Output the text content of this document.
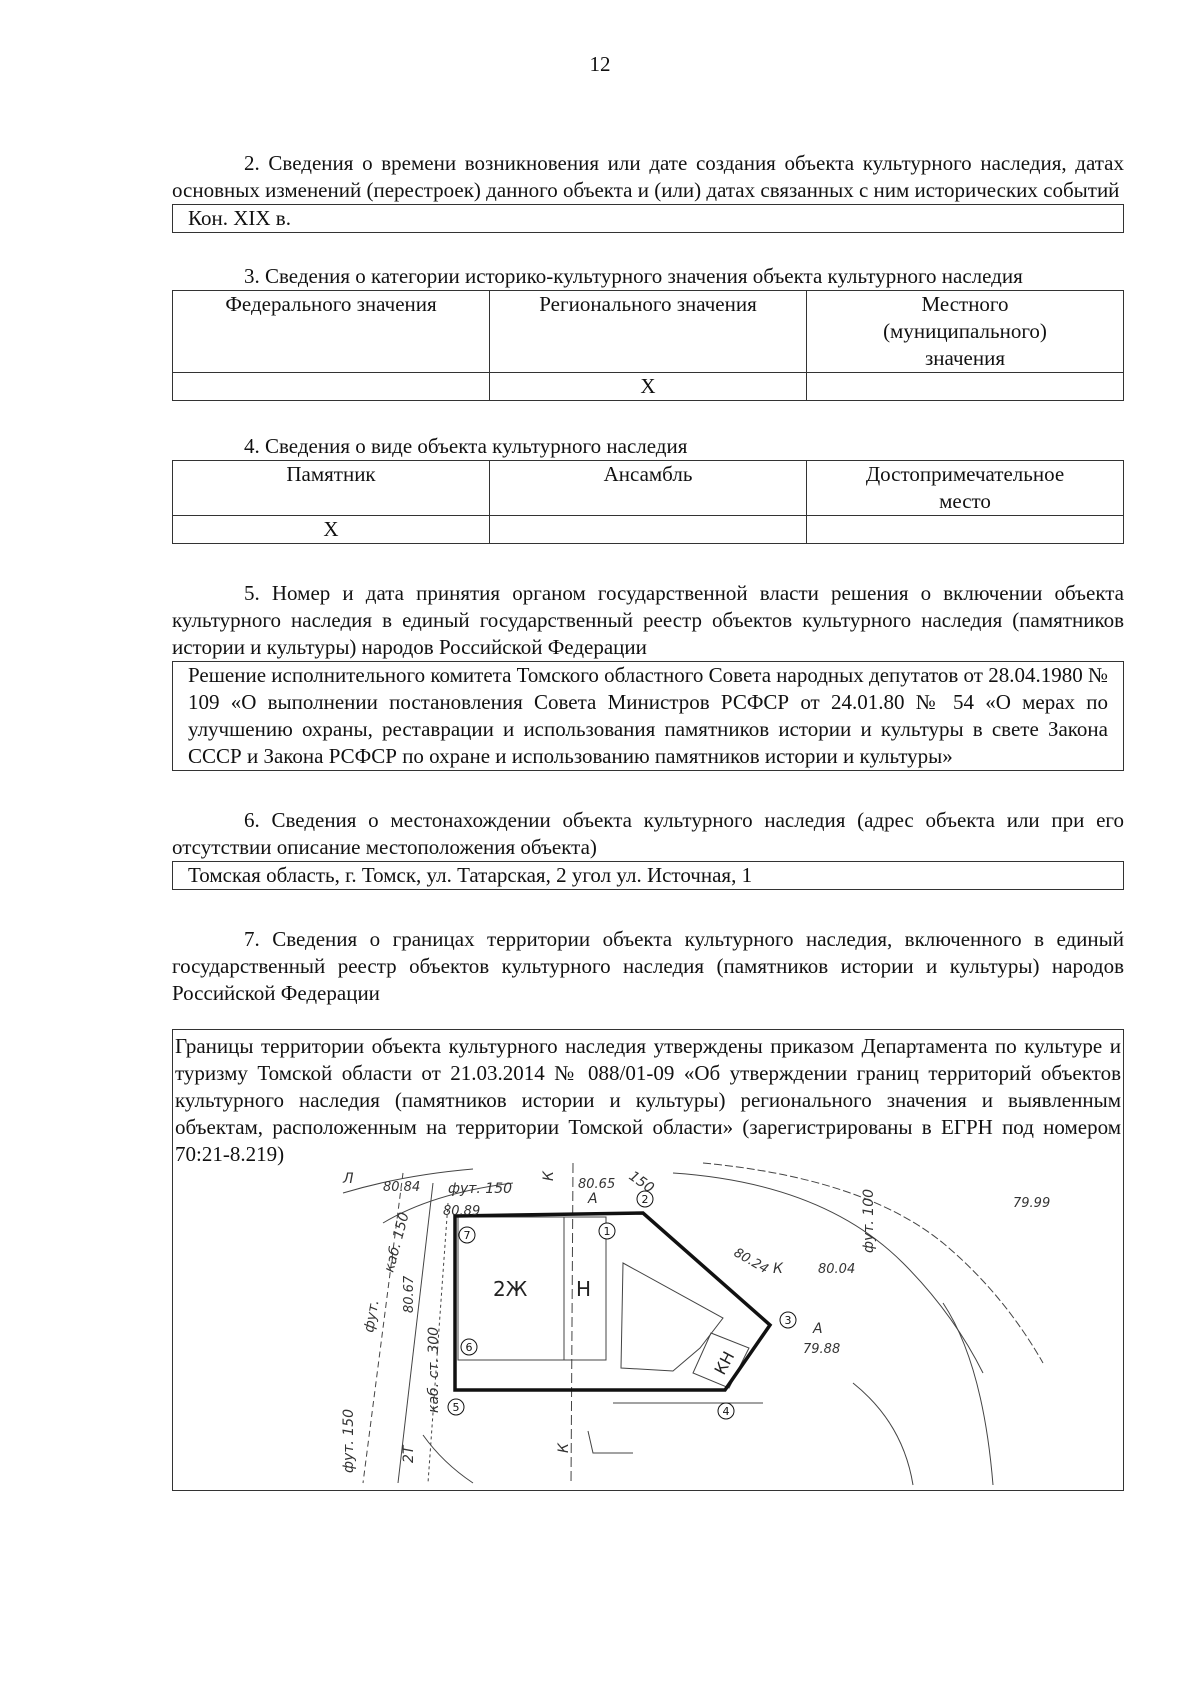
12

2. Сведения о времени возникновения или дате создания объекта культурного наследия, датах основных изменений (перестроек) данного объекта и (или) датах связанных с ним исторических событий

Кон. XIX в.

3. Сведения о категории историко-культурного значения объекта культурного наследия

Федерального значения	Регионального значения	Местного (муниципального) значения
	X	

4. Сведения о виде объекта культурного наследия

Памятник	Ансамбль	Достопримечательное место
X		

5. Номер и дата принятия органом государственной власти решения о включении объекта культурного наследия в единый государственный реестр объектов культурного наследия (памятников истории и культуры) народов Российской Федерации

Решение исполнительного комитета Томского областного Совета народных депутатов от 28.04.1980 № 109 «О выполнении постановления Совета Министров РСФСР от 24.01.80 № 54 «О мерах по улучшению охраны, реставрации и использования памятников истории и культуры в свете Закона СССР и Закона РСФСР по охране и использованию памятников истории и культуры»

6. Сведения о местонахождении объекта культурного наследия (адрес объекта или при его отсутствии описание местоположения объекта)

Томская область, г. Томск, ул. Татарская, 2 угол ул. Источная, 1

7. Сведения о границах территории объекта культурного наследия, включенного в единый государственный реестр объектов культурного наследия (памятников истории и культуры) народов Российской Федерации

Границы территории объекта культурного наследия утверждены приказом Департамента по культуре и туризму Томской области от 21.03.2014 № 088/01-09 «Об утверждении границ территорий объектов культурного наследия (памятников истории и культуры) регионального значения и выявленным объектам, расположенным на территории Томской области» (зарегистрированы в ЕГРН под номером 70:21-8.219)

2Ж Н
КН
1
2
3
4
5
6
7
80.84	80.65
80.89
79.99
80.24	80.04
80.67
79.88
фут. 150	150
каб. 150	фут. 100
фут.
каб. ст. 300
фут. 150	2Т
Л	К
К
К
А
А
